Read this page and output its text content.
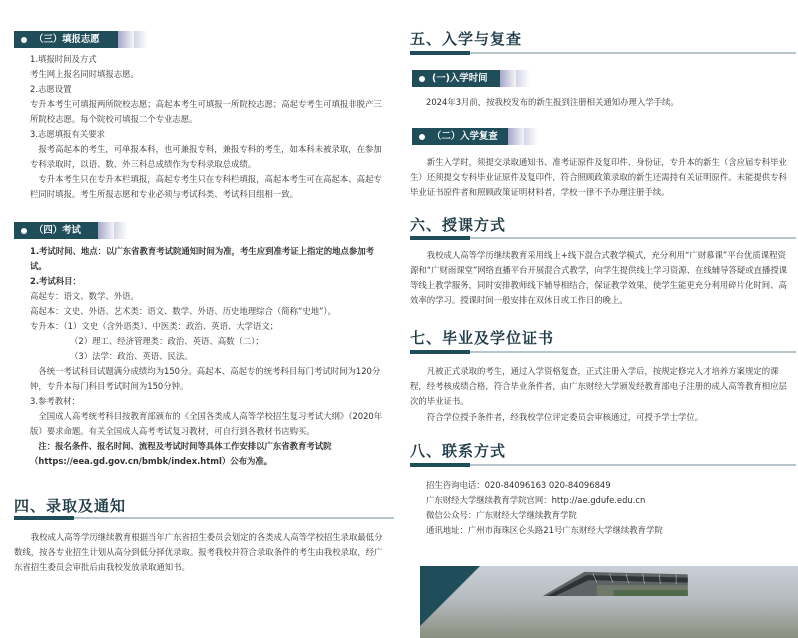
（三）填报志愿
1.填报时间及方式
考生网上报名同时填报志愿。
2.志愿设置
专升本考生可填报两所院校志愿；高起本考生可填报一所院校志愿；高起专考生可填报非脱产三所院校志愿。每个院校可填报二个专业志愿。
3.志愿填报有关要求
报考高起本的考生，可单报本科，也可兼报专科，兼报专科的考生，如本科未被录取，在参加专科录取时，以语、数、外三科总成绩作为专科录取总成绩。
专升本考生只在专升本栏填报，高起专考生只在专科栏填报，高起本考生可在高起本、高起专栏同时填报。考生所报志愿和专业必须与考试科类、考试科目组相一致。
（四）考试
1.考试时间、地点：以广东省教育考试院通知时间为准，考生应到准考证上指定的地点参加考试。
2.考试科目：
高起专：语文、数学、外语。
高起本：文史、外语、艺术类：语文、数学、外语、历史地理综合（简称“史地”）。
专升本：（1）文史（含外语类）、中医类：政治、英语、大学语文；
（2）理工、经济管理类：政治、英语、高数（二）；
（3）法学：政治、英语、民法。
各统一考试科目试题满分成绩均为150分。高起本、高起专的统考科目每门考试时间为120分钟，专升本每门科目考试时间为150分钟。
3.参考教材：
全国成人高考统考科目按教育部颁布的《全国各类成人高等学校招生复习考试大纲》（2020年版）要求命题。有关全国成人高考考试复习教材，可自行到各教材书店购买。
注：报名条件、报名时间、流程及考试时间等具体工作安排以广东省教育考试院（https://eea.gd.gov.cn/bmbk/index.html）公布为准。
四、录取及通知
我校成人高等学历继续教育根据当年广东省招生委员会划定的各类成人高等学校招生录取最低分数线，按各专业招生计划从高分到低分择优录取。报考我校并符合录取条件的考生由我校录取，经广东省招生委员会审批后由我校发放录取通知书。
五、入学与复查
(一)入学时间
2024年3月前，按我校发布的新生报到注册相关通知办理入学手续。
（二）入学复查
新生入学时，须提交录取通知书、准考证原件及复印件、身份证，专升本的新生（含应届专科毕业生）还须提交专科毕业证原件及复印件，符合照顾政策录取的新生还需持有关证明原件。未能提供专科毕业证书原件者和照顾政策证明材料者，学校一律不予办理注册手续。
六、授课方式
我校成人高等学历继续教育采用线上+线下混合式教学模式，充分利用“广财慕课”平台优质课程资源和“广财雨课堂”网络直播平台开展混合式教学，向学生提供线上学习资源、在线辅导答疑或直播授课等线上教学服务，同时安排教师线下辅导相结合，保证教学效果，使学生能更充分利用碎片化时间、高效率的学习。授课时间一般安排在双休日或工作日的晚上。
七、毕业及学位证书
凡被正式录取的考生，通过入学资格复查，正式注册入学后，按规定修完人才培养方案规定的课程，经考核成绩合格，符合毕业条件者，由广东财经大学颁发经教育部电子注册的成人高等教育相应层次的毕业证书。
符合学位授予条件者，经我校学位评定委员会审核通过，可授予学士学位。
八、联系方式
招生咨询电话：020-84096163 020-84096849
广东财经大学继续教育学院官网：http://ae.gdufe.edu.cn
微信公众号：广东财经大学继续教育学院
通讯地址：广州市海珠区仑头路21号广东财经大学继续教育学院
